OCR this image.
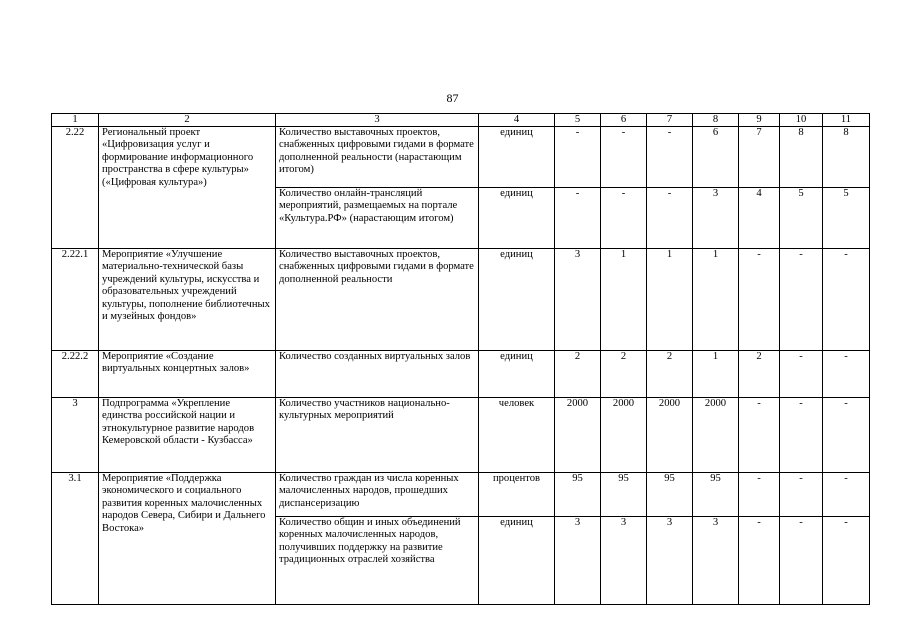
87
1	2	3	4	5	6	7	8	9	10	11
2.22	Региональный проект «Цифровизация услуг и формирование информационного пространства в сфере культуры» («Цифровая культура»)	Количество выставочных проектов, снабженных цифровыми гидами в формате дополненной реальности (нарастающим итогом)	единиц	-	-	-	6	7	8	8
		Количество онлайн-трансляций мероприятий, размещаемых на портале «Культура.РФ» (нарастающим итогом)	единиц	-	-	-	3	4	5	5
2.22.1	Мероприятие «Улучшение материально-технической базы учреждений культуры, искусства и образовательных учреждений культуры, пополнение библиотечных и музейных фондов»	Количество выставочных проектов, снабженных цифровыми гидами в формате дополненной реальности	единиц	3	1	1	1	-	-	-
2.22.2	Мероприятие «Создание виртуальных концертных залов»	Количество созданных виртуальных залов	единиц	2	2	2	1	2	-	-
3	Подпрограмма «Укрепление единства российской нации и этнокультурное развитие народов Кемеровской области - Кузбасса»	Количество участников национально-культурных мероприятий	человек	2000	2000	2000	2000	-	-	-
3.1	Мероприятие «Поддержка экономического и социального развития коренных малочисленных народов Севера, Сибири и Дальнего Востока»	Количество граждан из числа коренных малочисленных народов, прошедших диспансеризацию	процентов	95	95	95	95	-	-	-
		Количество общин и иных объединений коренных малочисленных народов, получивших поддержку на развитие традиционных отраслей хозяйства	единиц	3	3	3	3	-	-	-
